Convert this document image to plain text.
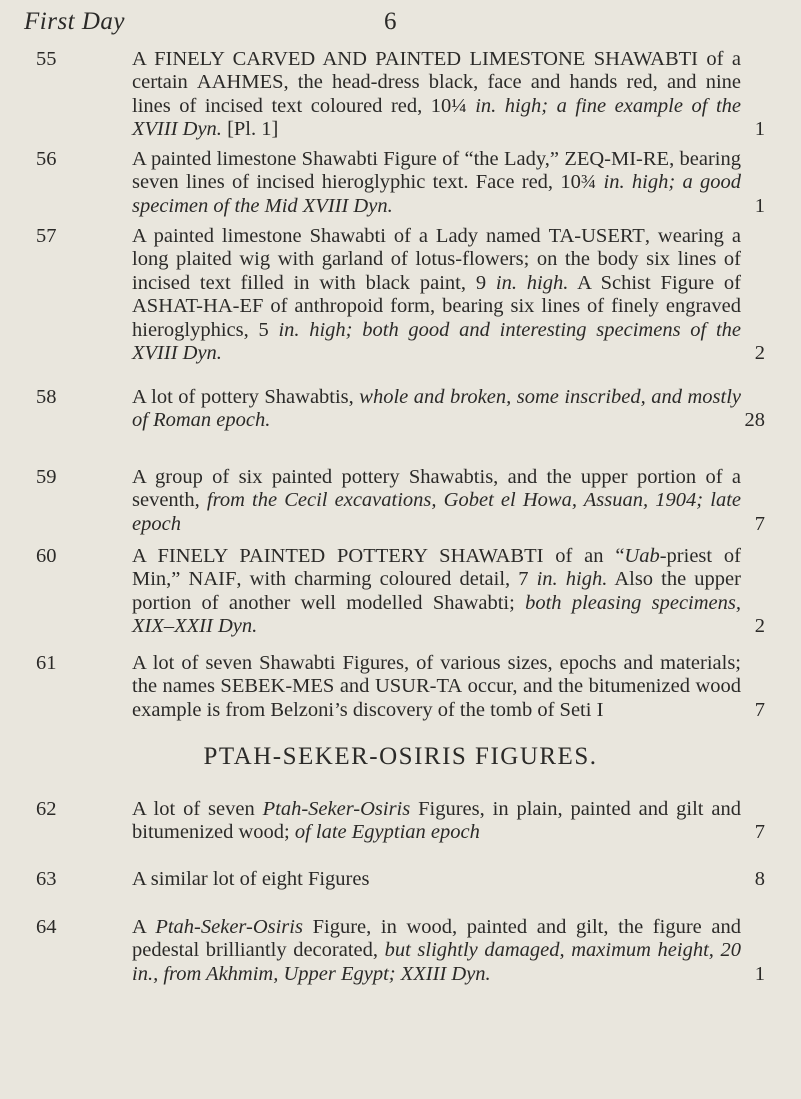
First Day	6
55	A FINELY CARVED AND PAINTED LIMESTONE SHAWABTI of a certain AAHMES, the head-dress black, face and hands red, and nine lines of incised text coloured red, 10¼ in. high; a fine example of the XVIII Dyn. [Pl. 1]	1
56	A painted limestone Shawabti Figure of “the Lady,” ZEQ-MI-RE, bearing seven lines of incised hieroglyphic text. Face red, 10¾ in. high; a good specimen of the Mid XVIII Dyn.	1
57	A painted limestone Shawabti of a Lady named TA-USERT, wearing a long plaited wig with garland of lotus-flowers; on the body six lines of incised text filled in with black paint, 9 in. high. A Schist Figure of ASHAT-HA-EF of anthropoid form, bearing six lines of finely engraved hieroglyphics, 5 in. high; both good and interesting specimens of the XVIII Dyn.	2
58	A lot of pottery Shawabtis, whole and broken, some inscribed, and mostly of Roman epoch.	28
59	A group of six painted pottery Shawabtis, and the upper portion of a seventh, from the Cecil excavations, Gobet el Howa, Assuan, 1904; late epoch	7
60	A FINELY PAINTED POTTERY SHAWABTI of an “Uab-priest of Min,” NAIF, with charming coloured detail, 7 in. high. Also the upper portion of another well modelled Shawabti; both pleasing specimens, XIX–XXII Dyn.	2
61	A lot of seven Shawabti Figures, of various sizes, epochs and materials; the names SEBEK-MES and USUR-TA occur, and the bitumenized wood example is from Belzoni’s discovery of the tomb of Seti I	7
PTAH-SEKER-OSIRIS FIGURES.
62	A lot of seven Ptah-Seker-Osiris Figures, in plain, painted and gilt and bitumenized wood; of late Egyptian epoch	7
63	A similar lot of eight Figures	8
64	A Ptah-Seker-Osiris Figure, in wood, painted and gilt, the figure and pedestal brilliantly decorated, but slightly damaged, maximum height, 20 in., from Akhmim, Upper Egypt; XXIII Dyn.	1
